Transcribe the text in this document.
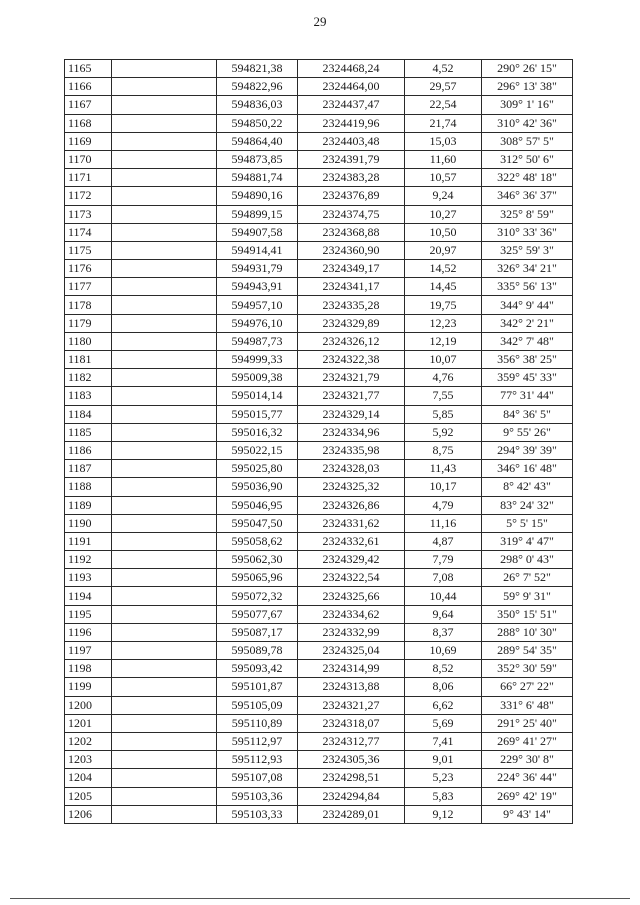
29
1165		594821,38	2324468,24	4,52	290° 26' 15"
1166		594822,96	2324464,00	29,57	296° 13' 38"
1167		594836,03	2324437,47	22,54	309° 1' 16"
1168		594850,22	2324419,96	21,74	310° 42' 36"
1169		594864,40	2324403,48	15,03	308° 57' 5"
1170		594873,85	2324391,79	11,60	312° 50' 6"
1171		594881,74	2324383,28	10,57	322° 48' 18"
1172		594890,16	2324376,89	9,24	346° 36' 37"
1173		594899,15	2324374,75	10,27	325° 8' 59"
1174		594907,58	2324368,88	10,50	310° 33' 36"
1175		594914,41	2324360,90	20,97	325° 59' 3"
1176		594931,79	2324349,17	14,52	326° 34' 21"
1177		594943,91	2324341,17	14,45	335° 56' 13"
1178		594957,10	2324335,28	19,75	344° 9' 44"
1179		594976,10	2324329,89	12,23	342° 2' 21"
1180		594987,73	2324326,12	12,19	342° 7' 48"
1181		594999,33	2324322,38	10,07	356° 38' 25"
1182		595009,38	2324321,79	4,76	359° 45' 33"
1183		595014,14	2324321,77	7,55	77° 31' 44"
1184		595015,77	2324329,14	5,85	84° 36' 5"
1185		595016,32	2324334,96	5,92	9° 55' 26"
1186		595022,15	2324335,98	8,75	294° 39' 39"
1187		595025,80	2324328,03	11,43	346° 16' 48"
1188		595036,90	2324325,32	10,17	8° 42' 43"
1189		595046,95	2324326,86	4,79	83° 24' 32"
1190		595047,50	2324331,62	11,16	5° 5' 15"
1191		595058,62	2324332,61	4,87	319° 4' 47"
1192		595062,30	2324329,42	7,79	298° 0' 43"
1193		595065,96	2324322,54	7,08	26° 7' 52"
1194		595072,32	2324325,66	10,44	59° 9' 31"
1195		595077,67	2324334,62	9,64	350° 15' 51"
1196		595087,17	2324332,99	8,37	288° 10' 30"
1197		595089,78	2324325,04	10,69	289° 54' 35"
1198		595093,42	2324314,99	8,52	352° 30' 59"
1199		595101,87	2324313,88	8,06	66° 27' 22"
1200		595105,09	2324321,27	6,62	331° 6' 48"
1201		595110,89	2324318,07	5,69	291° 25' 40"
1202		595112,97	2324312,77	7,41	269° 41' 27"
1203		595112,93	2324305,36	9,01	229° 30' 8"
1204		595107,08	2324298,51	5,23	224° 36' 44"
1205		595103,36	2324294,84	5,83	269° 42' 19"
1206		595103,33	2324289,01	9,12	9° 43' 14"
